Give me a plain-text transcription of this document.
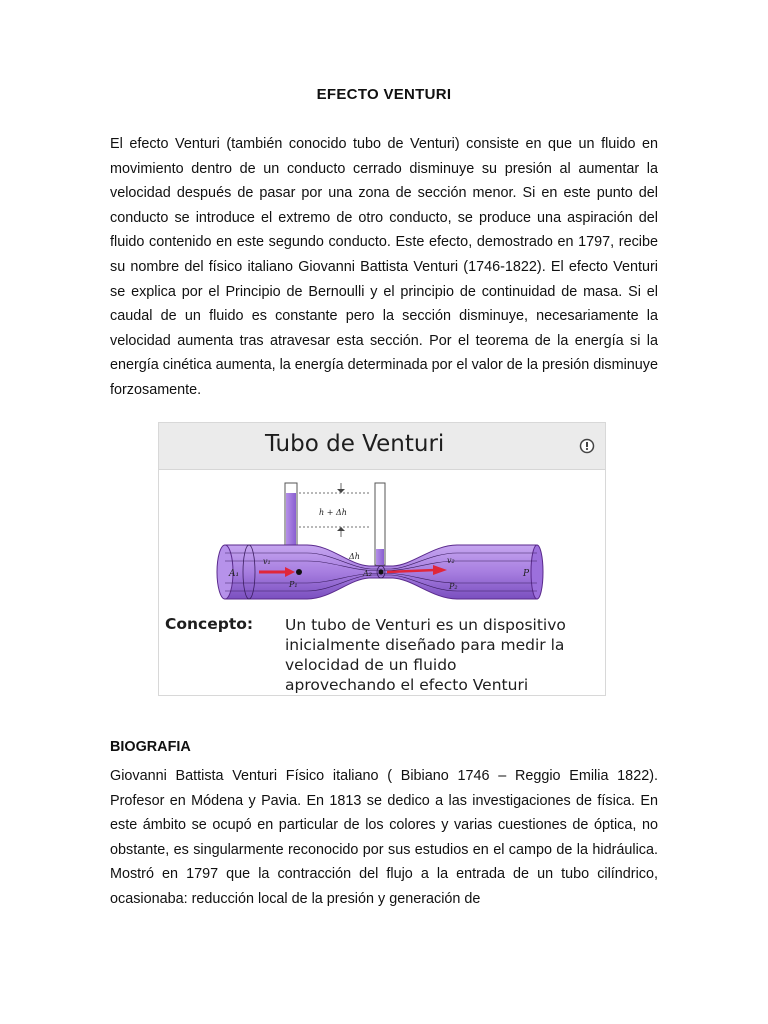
EFECTO VENTURI

El efecto Venturi (también conocido tubo de Venturi) consiste en que un fluido en movimiento dentro de un conducto cerrado disminuye su presión al aumentar la velocidad después de pasar por una zona de sección menor. Si en este punto del conducto se introduce el extremo de otro conducto, se produce una aspiración del fluido contenido en este segundo conducto. Este efecto, demostrado en 1797, recibe su nombre del físico italiano Giovanni Battista Venturi (1746-1822). El efecto Venturi se explica por el Principio de Bernoulli y el principio de continuidad de masa. Si el caudal de un fluido es constante pero la sección disminuye, necesariamente la velocidad aumenta tras atravesar esta sección. Por el teorema de la energía si la energía cinética aumenta, la energía determinada por el valor de la presión disminuye forzosamente.

Tubo de Venturi
h + Δh
Δh
A₁
v₁
P₁
A₂
v₂
P₂
P
Concepto: Un tubo de Venturi es un dispositivo
inicialmente diseñado para medir la
velocidad de un fluido
aprovechando el efecto Venturi
BIOGRAFIA

Giovanni Battista Venturi Físico italiano ( Bibiano 1746 – Reggio Emilia 1822). Profesor en Módena y Pavia. En 1813 se dedico a las investigaciones de física. En este ámbito se ocupó en particular de los colores y varias cuestiones de óptica, no obstante, es singularmente reconocido por sus estudios en el campo de la hidráulica. Mostró en 1797 que la contracción del flujo a la entrada de un tubo cilíndrico, ocasionaba: reducción local de la presión y generación de
